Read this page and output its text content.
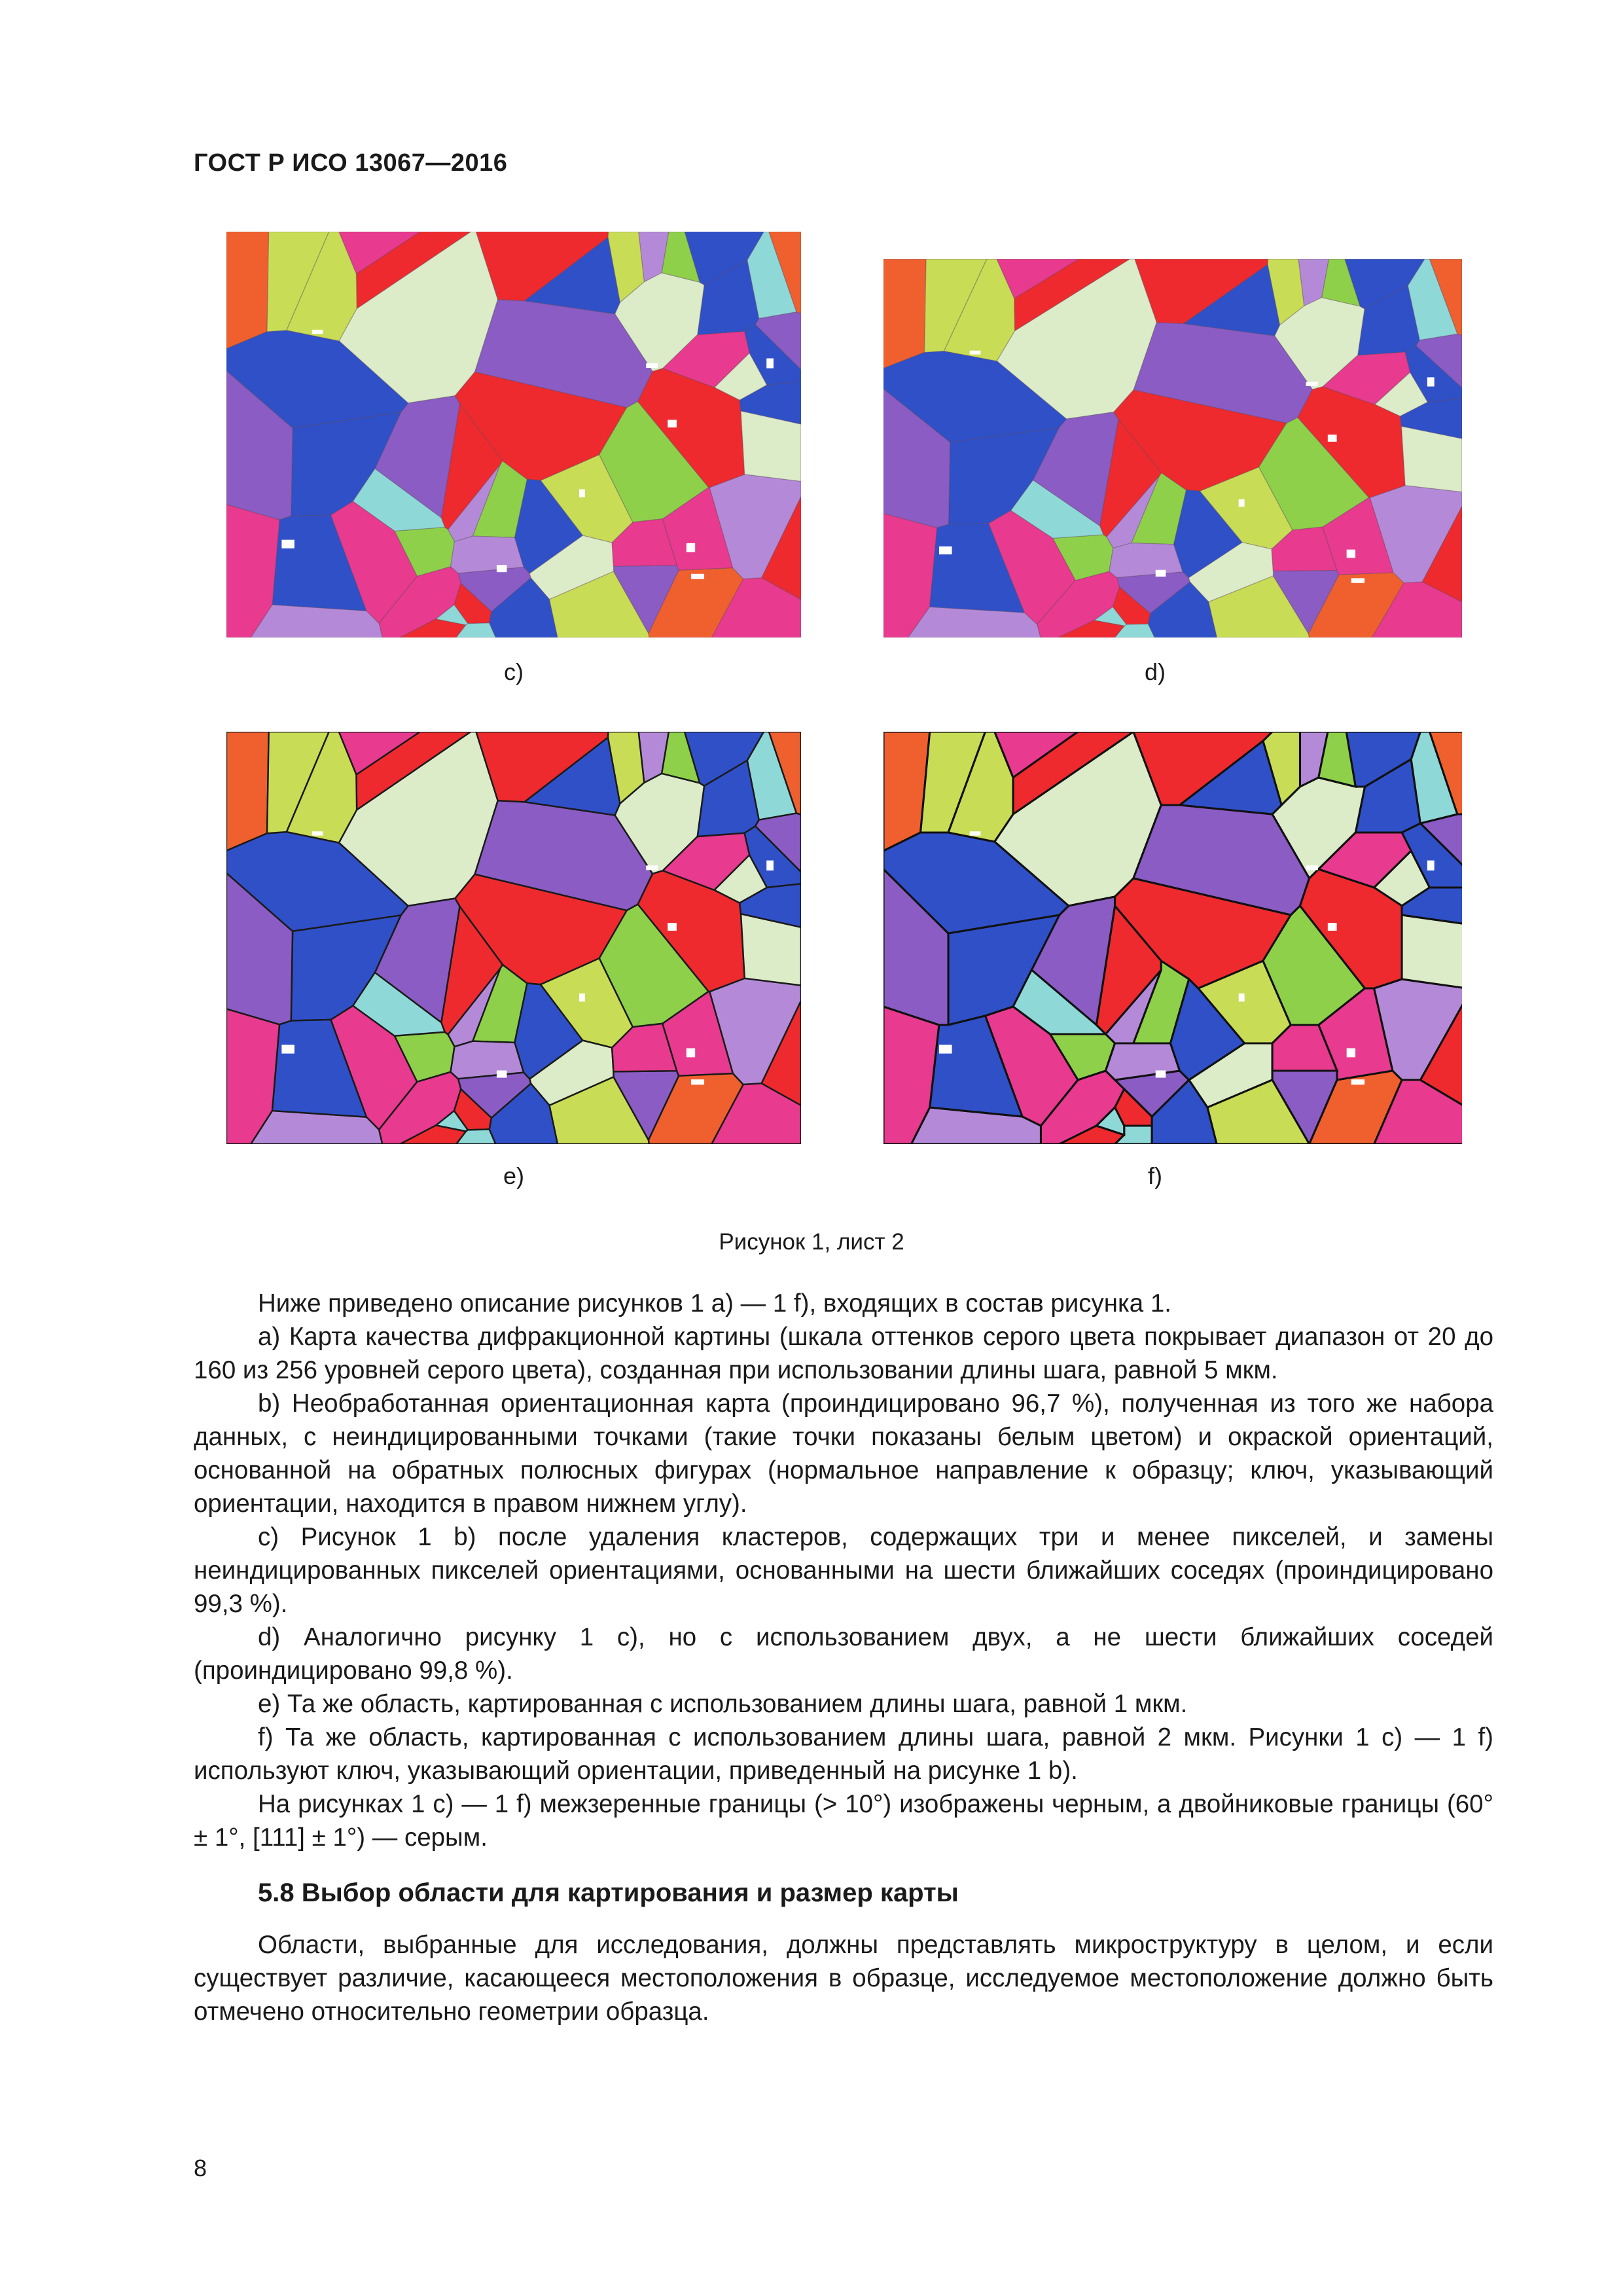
ГОСТ Р ИСО 13067—2016
c)	d)
e)	f)
Рисунок 1, лист 2

Ниже приведено описание рисунков 1 а) — 1 f), входящих в состав рисунка 1.

а) Карта качества дифракционной картины (шкала оттенков серого цвета покрывает диапазон от 20 до 160 из 256 уровней серого цвета), созданная при использовании длины шага, равной 5 мкм.

b) Необработанная ориентационная карта (проиндицировано 96,7 %), полученная из того же набора данных, с неиндицированными точками (такие точки показаны белым цветом) и окраской ориентаций, основанной на обратных полюсных фигурах (нормальное направление к образцу; ключ, указывающий ориентации, находится в правом нижнем углу).

с) Рисунок 1 b) после удаления кластеров, содержащих три и менее пикселей, и замены неиндицированных пикселей ориентациями, основанными на шести ближайших соседях (проиндицировано 99,3 %).

d) Аналогично рисунку 1 с), но с использованием двух, а не шести ближайших соседей (проиндицировано 99,8 %).

е) Та же область, картированная с использованием длины шага, равной 1 мкм.

f) Та же область, картированная с использованием длины шага, равной 2 мкм. Рисунки 1 с) — 1 f) используют ключ, указывающий ориентации, приведенный на рисунке 1 b).

На рисунках 1 с) — 1 f) межзеренные границы (> 10°) изображены черным, а двойниковые границы (60° ± 1°, [111] ± 1°) — серым.

5.8 Выбор области для картирования и размер карты

Области, выбранные для исследования, должны представлять микроструктуру в целом, и если существует различие, касающееся местоположения в образце, исследуемое местоположение должно быть отмечено относительно геометрии образца.

8
